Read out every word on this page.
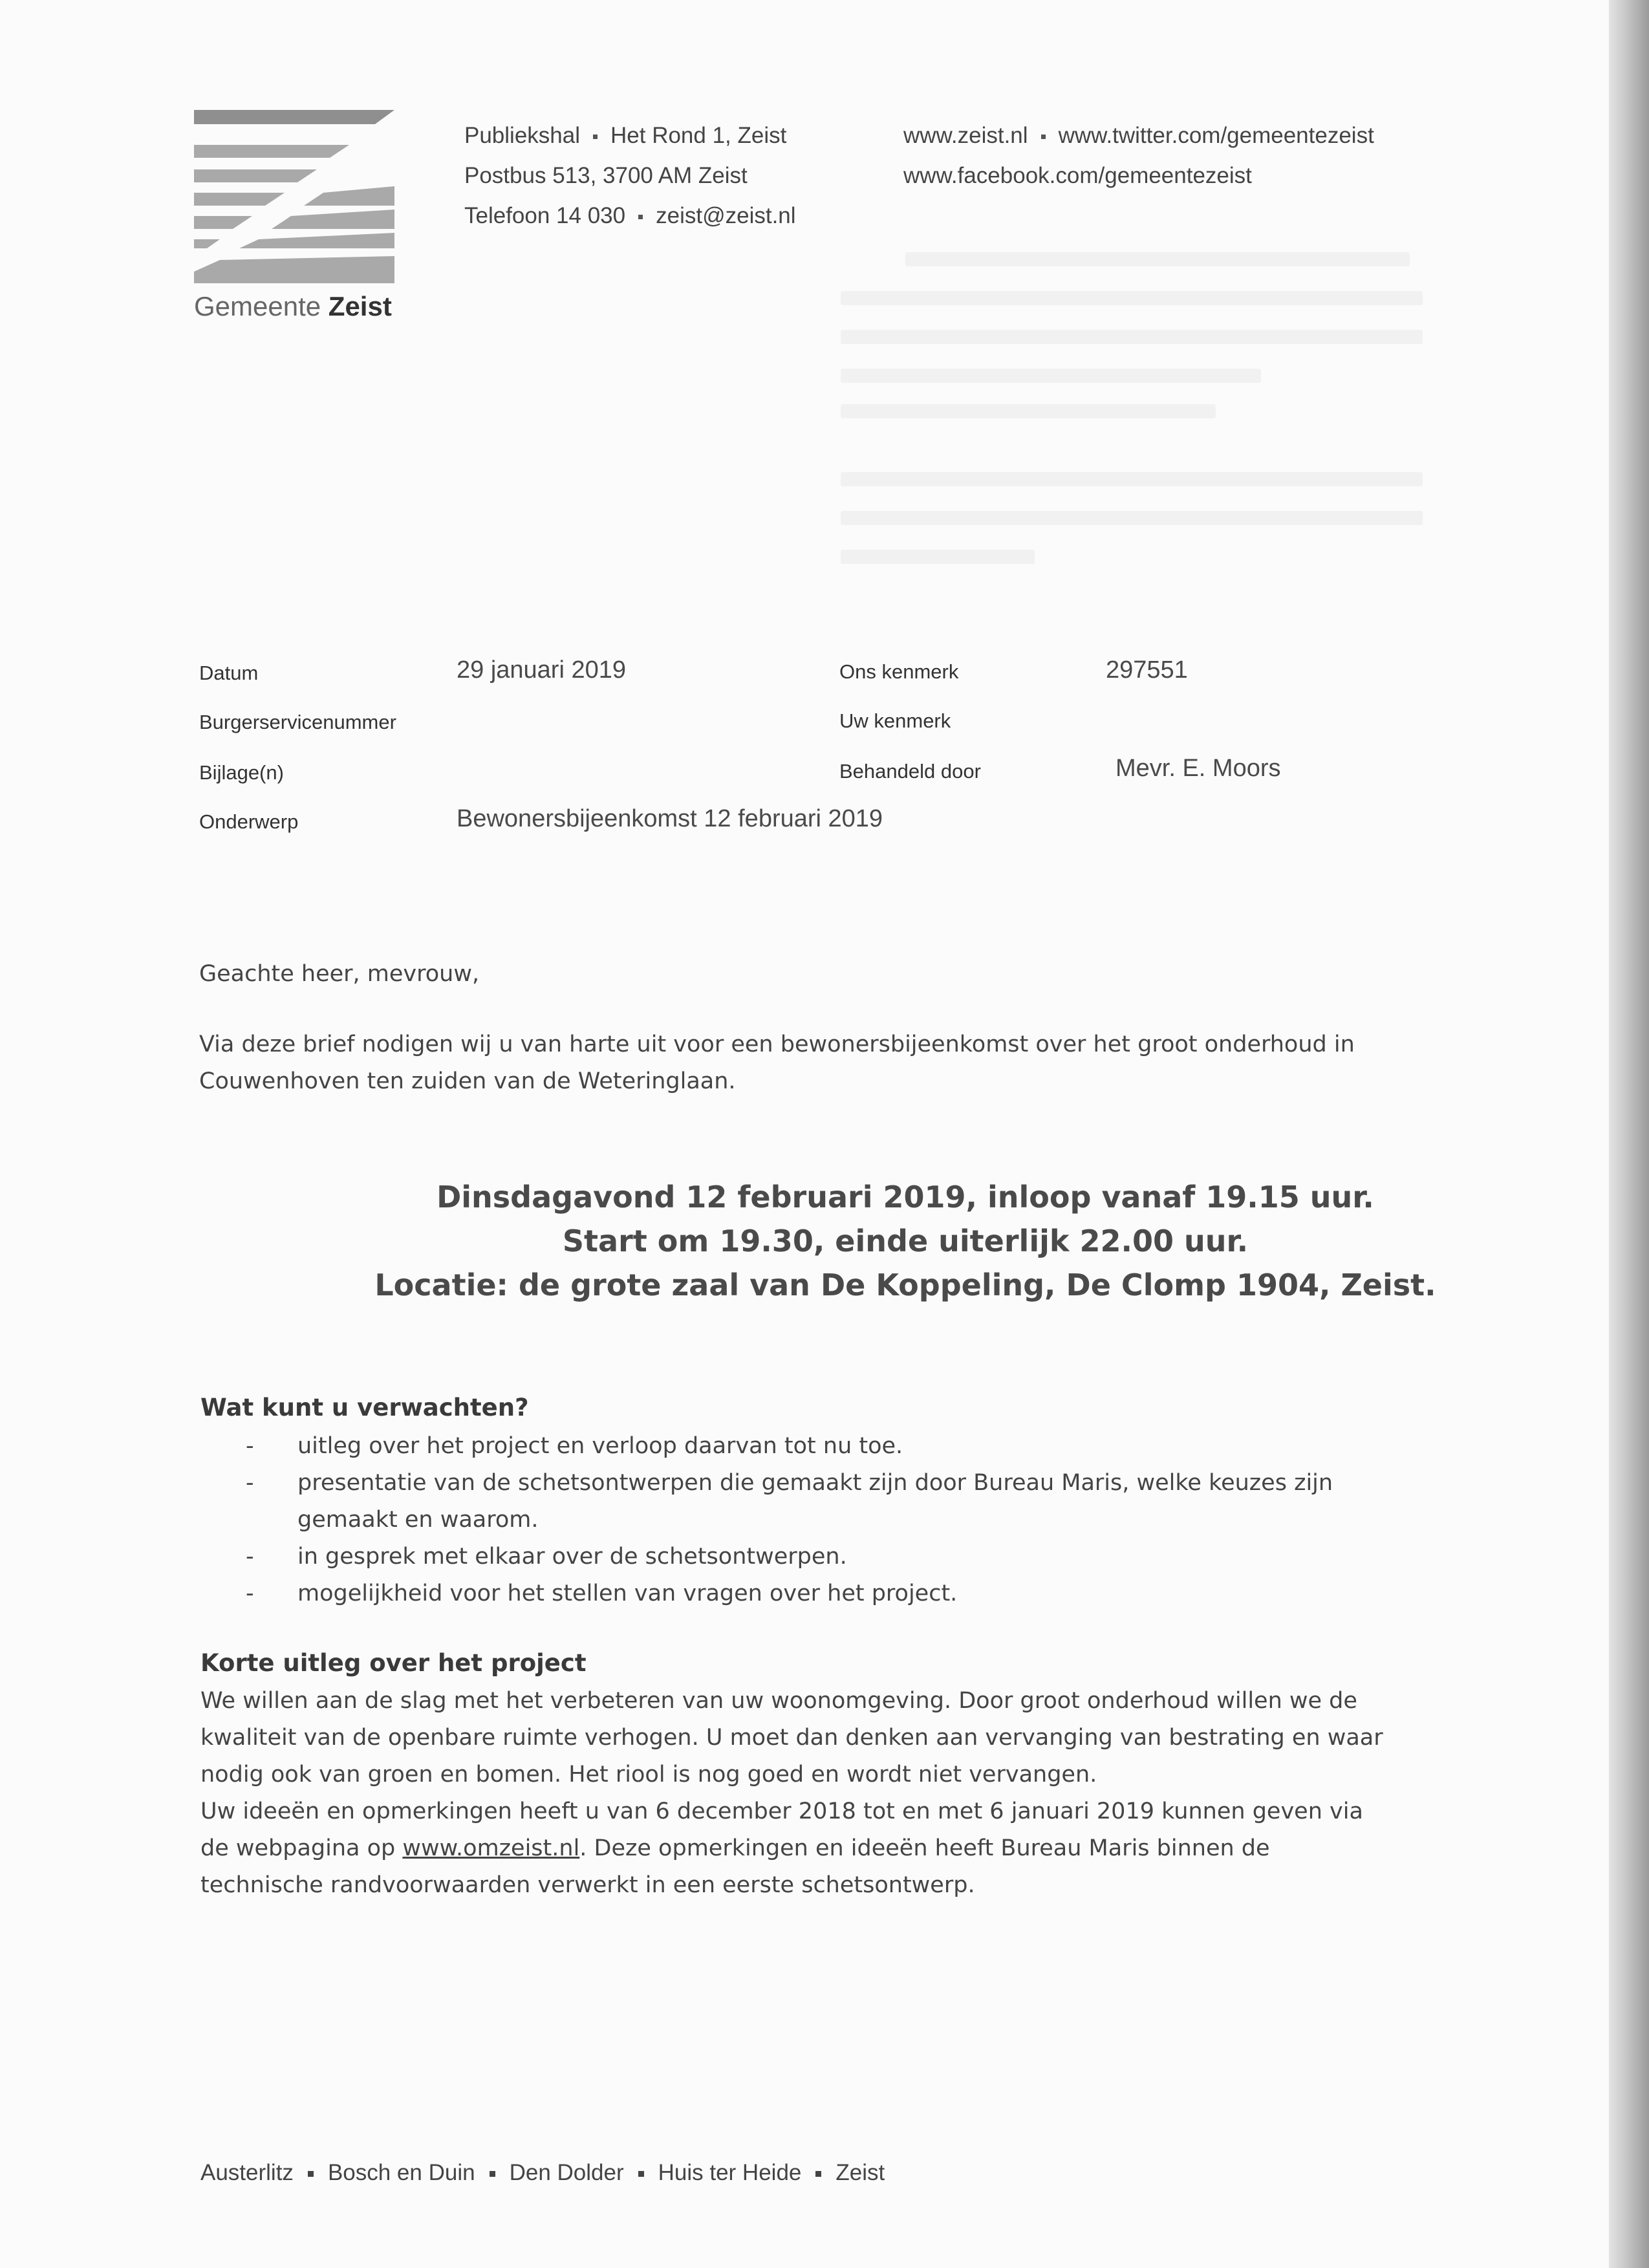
Gemeente Zeist
Publiekshal Het Rond 1, Zeist
Postbus 513, 3700 AM Zeist
Telefoon 14 030 zeist@zeist.nl
www.zeist.nl www.twitter.com/gemeentezeist
www.facebook.com/gemeentezeist
Datum	29 januari 2019
Burgerservicenummer
Bijlage(n)
Onderwerp	Bewonersbijeenkomst 12 februari 2019
Ons kenmerk	297551
Uw kenmerk
Behandeld door	Mevr. E. Moors
Geachte heer, mevrouw,

Via deze brief nodigen wij u van harte uit voor een bewonersbijeenkomst over het groot onderhoud in

Couwenhoven ten zuiden van de Weteringlaan.

Dinsdagavond 12 februari 2019, inloop vanaf 19.15 uur.
Start om 19.30, einde uiterlijk 22.00 uur.
Locatie: de grote zaal van De Koppeling, De Clomp 1904, Zeist.
Wat kunt u verwachten?

- uitleg over het project en verloop daarvan tot nu toe.

- presentatie van de schetsontwerpen die gemaakt zijn door Bureau Maris, welke keuzes zijn

gemaakt en waarom.

- in gesprek met elkaar over de schetsontwerpen.

- mogelijkheid voor het stellen van vragen over het project.

Korte uitleg over het project

We willen aan de slag met het verbeteren van uw woonomgeving. Door groot onderhoud willen we de

kwaliteit van de openbare ruimte verhogen. U moet dan denken aan vervanging van bestrating en waar

nodig ook van groen en bomen. Het riool is nog goed en wordt niet vervangen.

Uw ideeën en opmerkingen heeft u van 6 december 2018 tot en met 6 januari 2019 kunnen geven via

de webpagina op www.omzeist.nl. Deze opmerkingen en ideeën heeft Bureau Maris binnen de

technische randvoorwaarden verwerkt in een eerste schetsontwerp.

Austerlitz Bosch en Duin Den Dolder Huis ter Heide Zeist
